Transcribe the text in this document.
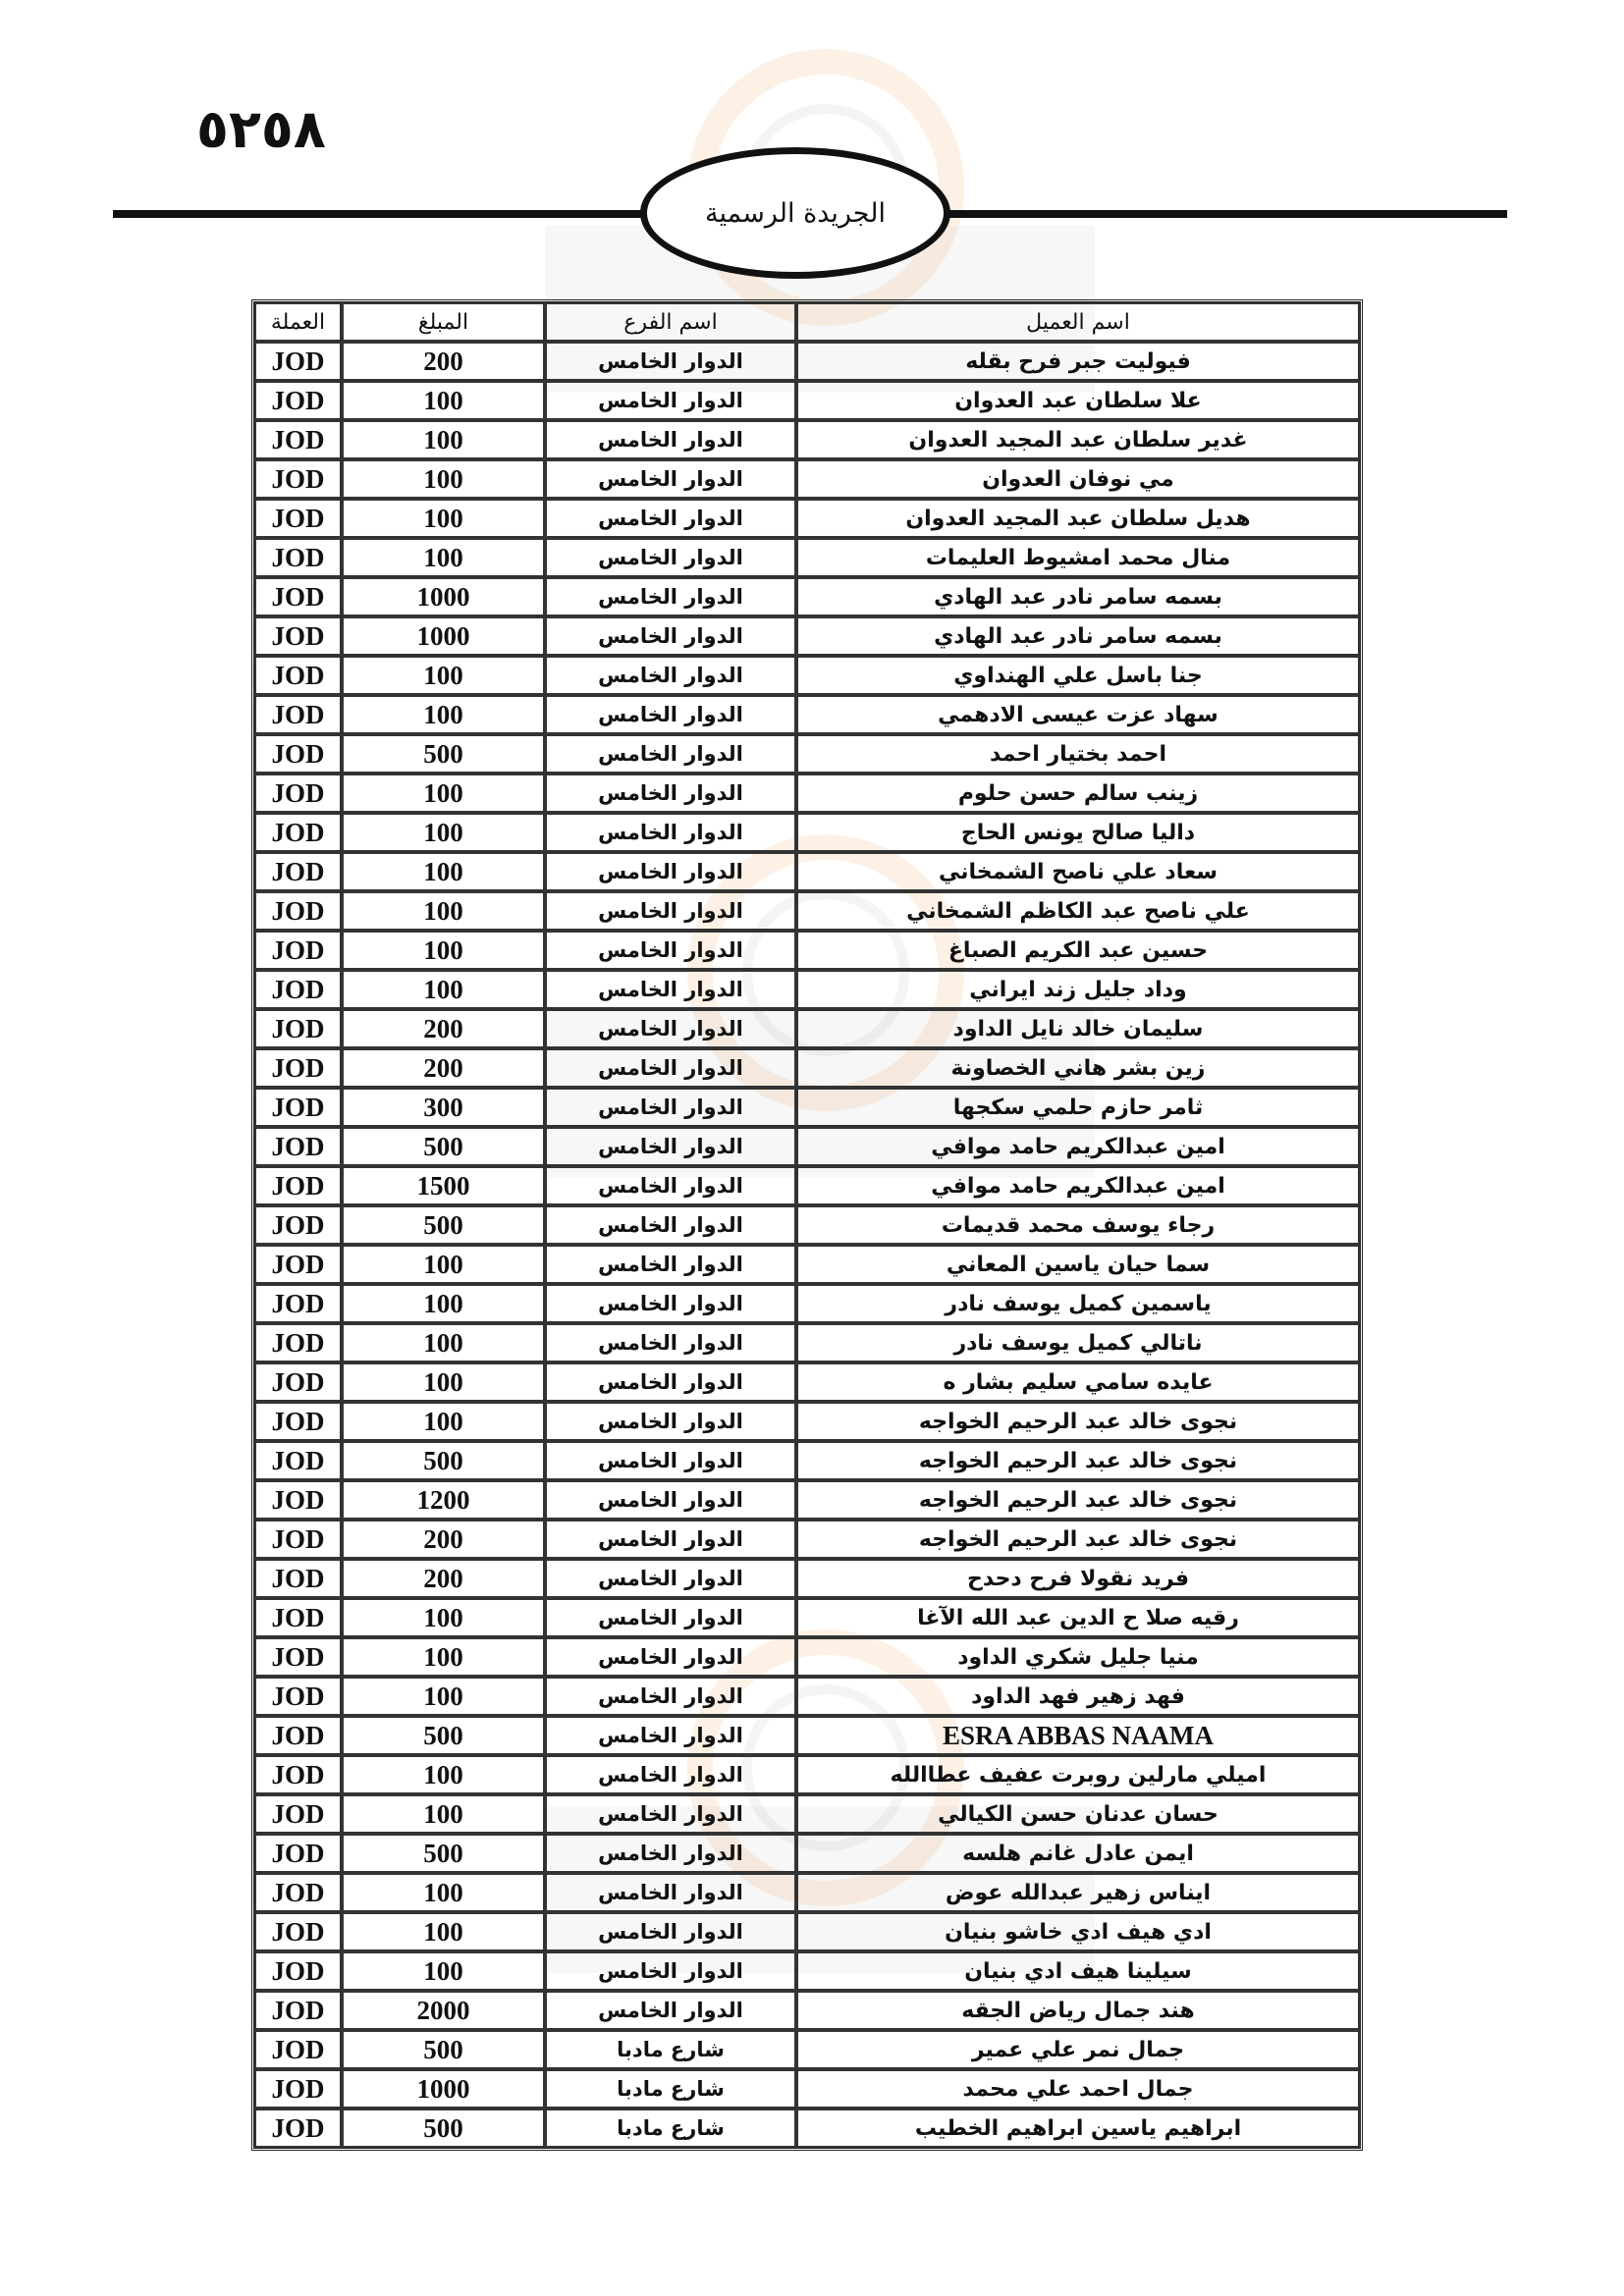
٥٢٥٨
الجريدة الرسمية
اسم العميل	اسم الفرع	المبلغ	العملة
فيوليت جبر فرح بقله	الدوار الخامس	200	JOD
علا سلطان عبد العدوان	الدوار الخامس	100	JOD
غدير سلطان عبد المجيد العدوان	الدوار الخامس	100	JOD
مي نوفان العدوان	الدوار الخامس	100	JOD
هديل سلطان عبد المجيد العدوان	الدوار الخامس	100	JOD
منال محمد امشيوط العليمات	الدوار الخامس	100	JOD
بسمه سامر نادر عبد الهادي	الدوار الخامس	1000	JOD
بسمه سامر نادر عبد الهادي	الدوار الخامس	1000	JOD
جنا باسل علي الهنداوي	الدوار الخامس	100	JOD
سهاد عزت عيسى الادهمي	الدوار الخامس	100	JOD
احمد بختيار احمد	الدوار الخامس	500	JOD
زينب سالم حسن حلوم	الدوار الخامس	100	JOD
داليا صالح يونس الحاج	الدوار الخامس	100	JOD
سعاد علي ناصح الشمخاني	الدوار الخامس	100	JOD
علي ناصح عبد الكاظم الشمخاني	الدوار الخامس	100	JOD
حسين عبد الكريم الصباغ	الدوار الخامس	100	JOD
وداد جليل زند ايراني	الدوار الخامس	100	JOD
سليمان خالد نايل الداود	الدوار الخامس	200	JOD
زين بشر هاني الخصاونة	الدوار الخامس	200	JOD
ثامر حازم حلمي سكجها	الدوار الخامس	300	JOD
امين عبدالكريم حامد موافي	الدوار الخامس	500	JOD
امين عبدالكريم حامد موافي	الدوار الخامس	1500	JOD
رجاء يوسف محمد قديمات	الدوار الخامس	500	JOD
سما حيان ياسين المعاني	الدوار الخامس	100	JOD
ياسمين كميل يوسف نادر	الدوار الخامس	100	JOD
ناتالي كميل يوسف نادر	الدوار الخامس	100	JOD
عايده سامي سليم بشار ه	الدوار الخامس	100	JOD
نجوى خالد عبد الرحيم الخواجه	الدوار الخامس	100	JOD
نجوى خالد عبد الرحيم الخواجه	الدوار الخامس	500	JOD
نجوى خالد عبد الرحيم الخواجه	الدوار الخامس	1200	JOD
نجوى خالد عبد الرحيم الخواجه	الدوار الخامس	200	JOD
فريد نقولا فرح دحدح	الدوار الخامس	200	JOD
رقيه صلا ح الدين عبد الله الآغا	الدوار الخامس	100	JOD
منيا جليل شكري الداود	الدوار الخامس	100	JOD
فهد زهير فهد الداود	الدوار الخامس	100	JOD
ESRA ABBAS NAAMA	الدوار الخامس	500	JOD
اميلي مارلين روبرت عفيف عطاالله	الدوار الخامس	100	JOD
حسان عدنان حسن الكيالي	الدوار الخامس	100	JOD
ايمن عادل غانم هلسه	الدوار الخامس	500	JOD
ايناس زهير عبدالله عوض	الدوار الخامس	100	JOD
ادي هيف ادي خاشو بنيان	الدوار الخامس	100	JOD
سيلينا هيف ادي بنيان	الدوار الخامس	100	JOD
هند جمال رياض الجقه	الدوار الخامس	2000	JOD
جمال نمر علي عمير	شارع مادبا	500	JOD
جمال احمد علي محمد	شارع مادبا	1000	JOD
ابراهيم ياسين ابراهيم الخطيب	شارع مادبا	500	JOD
